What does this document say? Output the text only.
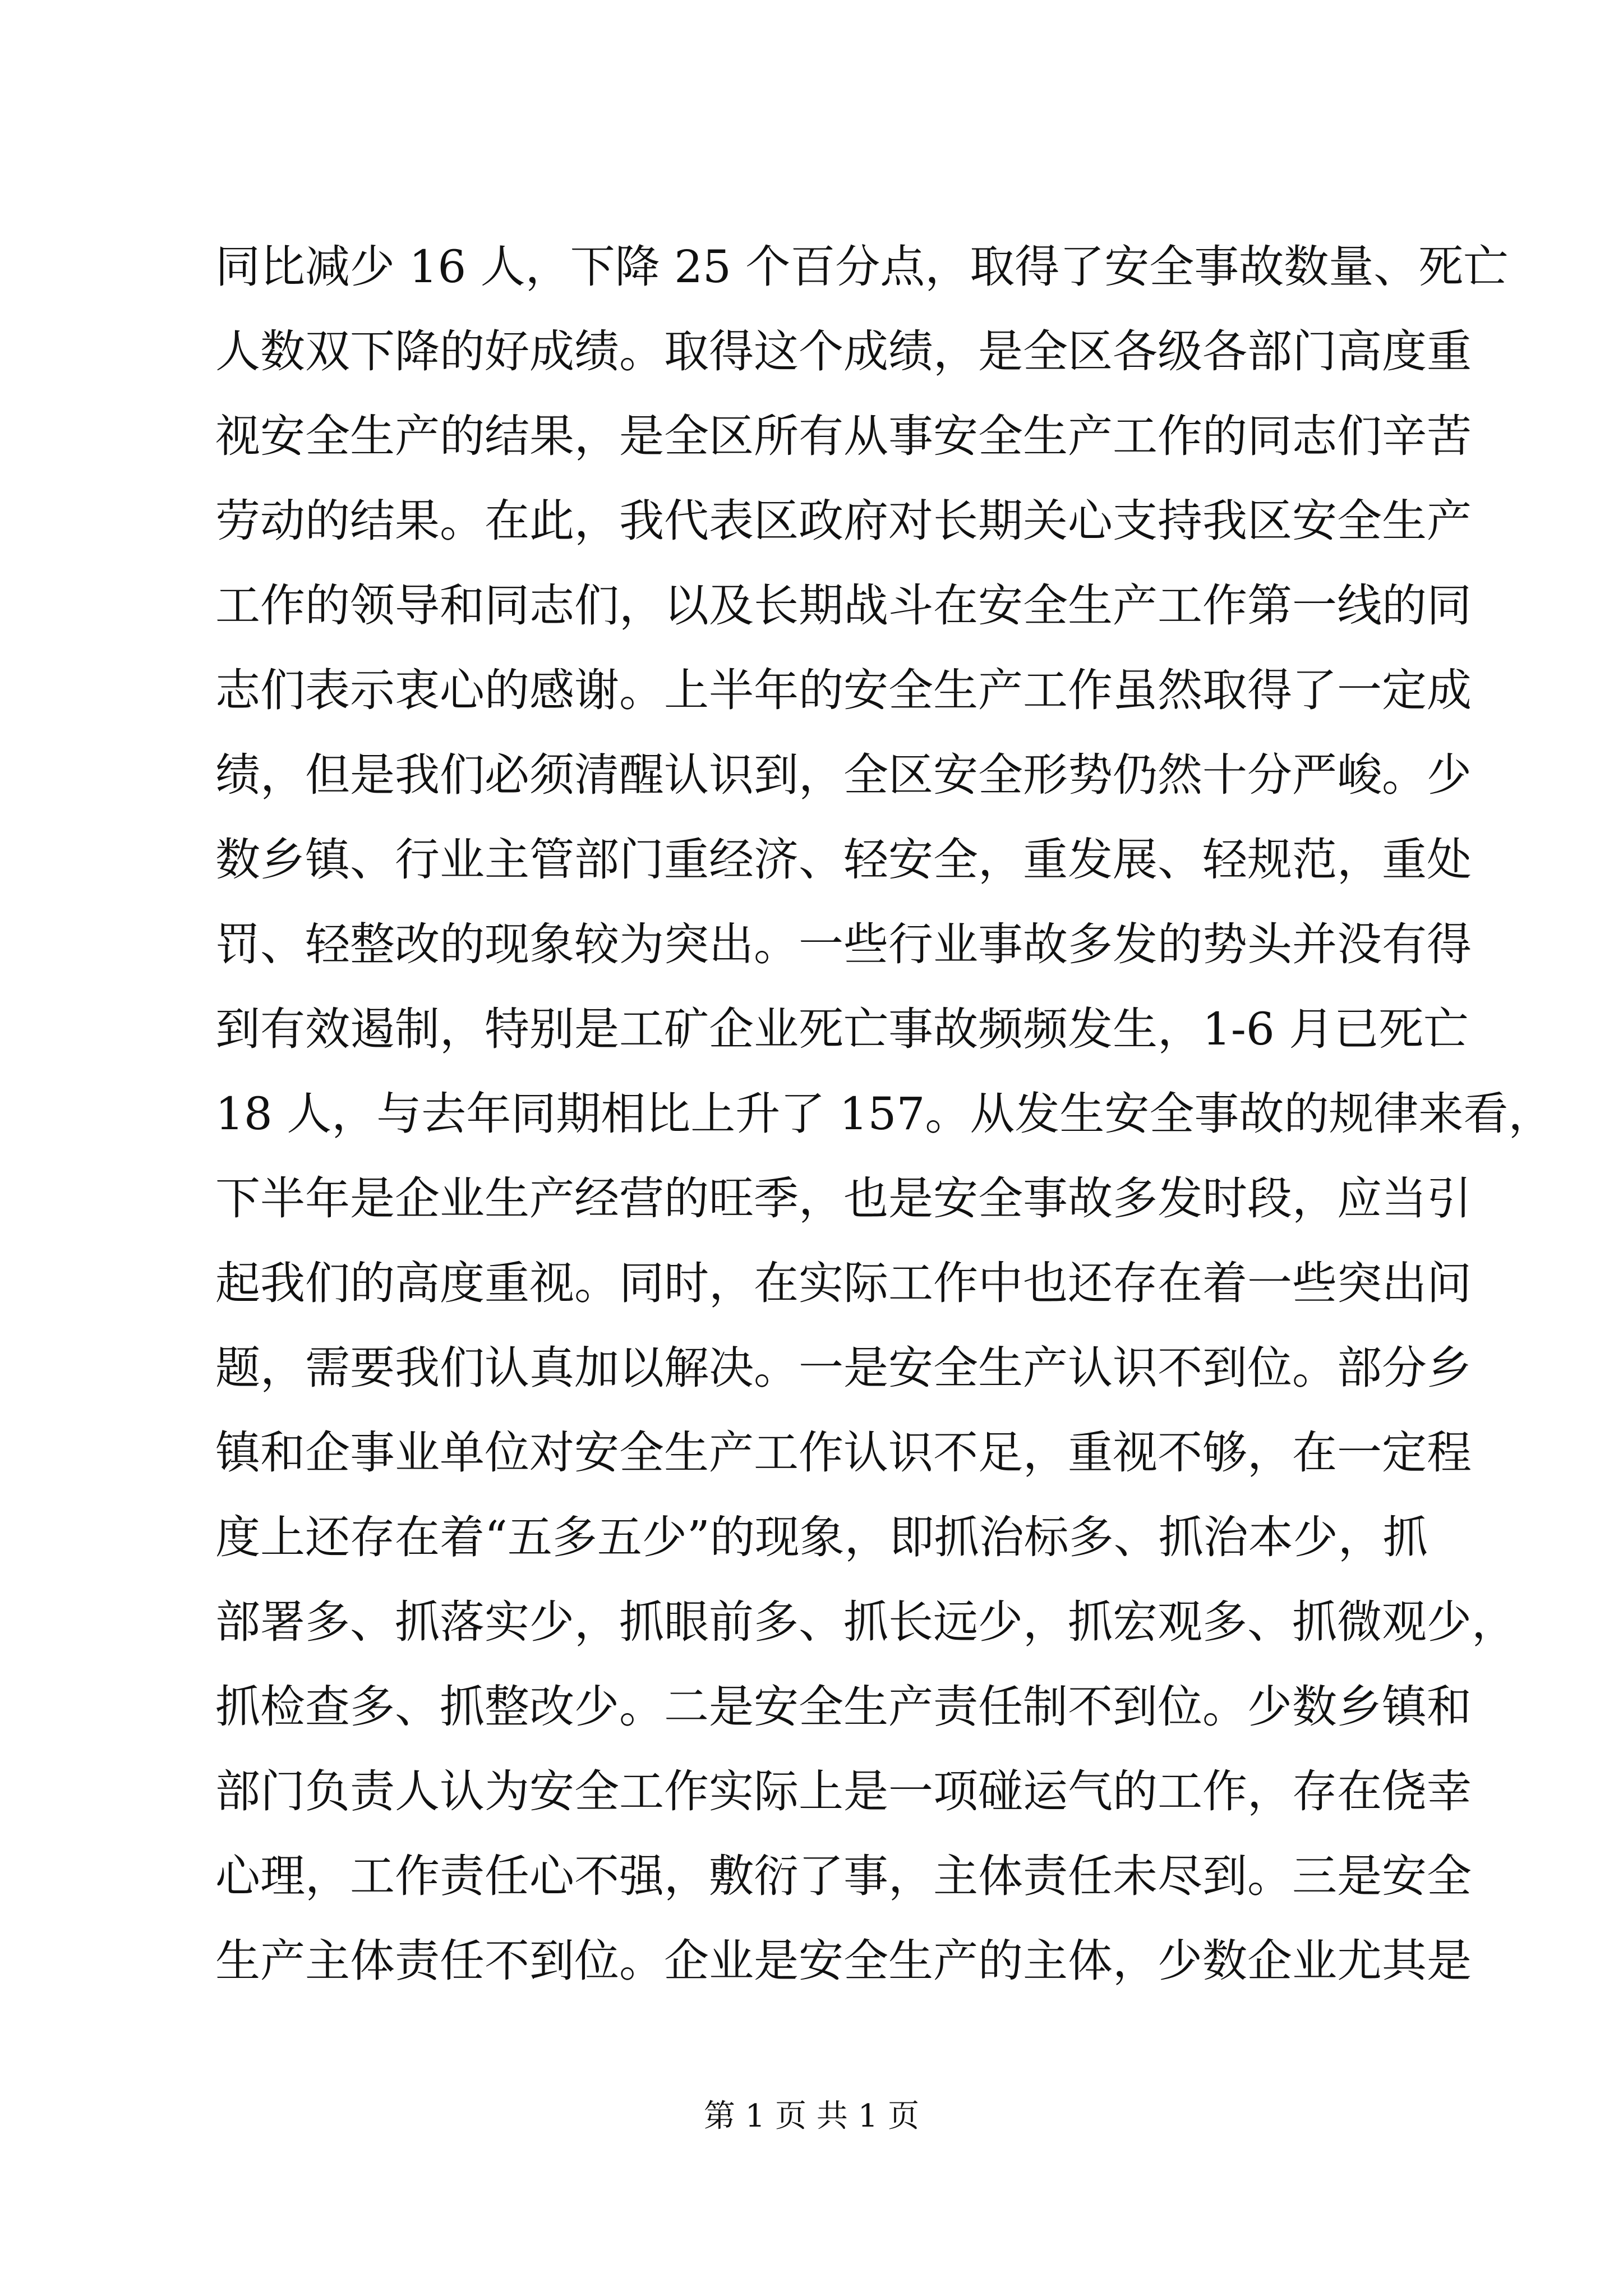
同比减少 16 人，下降 25 个百分点，取得了安全事故数量、死亡
人数双下降的好成绩。取得这个成绩，是全区各级各部门高度重
视安全生产的结果，是全区所有从事安全生产工作的同志们辛苦
劳动的结果。在此，我代表区政府对长期关心支持我区安全生产
工作的领导和同志们，以及长期战斗在安全生产工作第一线的同
志们表示衷心的感谢。上半年的安全生产工作虽然取得了一定成
绩，但是我们必须清醒认识到，全区安全形势仍然十分严峻。少
数乡镇、行业主管部门重经济、轻安全，重发展、轻规范，重处
罚、轻整改的现象较为突出。一些行业事故多发的势头并没有得
到有效遏制，特别是工矿企业死亡事故频频发生，1-6 月已死亡
18 人，与去年同期相比上升了 157。从发生安全事故的规律来看，
下半年是企业生产经营的旺季，也是安全事故多发时段，应当引
起我们的高度重视。同时，在实际工作中也还存在着一些突出问
题，需要我们认真加以解决。一是安全生产认识不到位。部分乡
镇和企事业单位对安全生产工作认识不足，重视不够，在一定程
度上还存在着“五多五少”的现象，即抓治标多、抓治本少，抓
部署多、抓落实少，抓眼前多、抓长远少，抓宏观多、抓微观少，
抓检查多、抓整改少。二是安全生产责任制不到位。少数乡镇和
部门负责人认为安全工作实际上是一项碰运气的工作，存在侥幸
心理，工作责任心不强，敷衍了事，主体责任未尽到。三是安全
生产主体责任不到位。企业是安全生产的主体，少数企业尤其是
第 1 页 共 1 页
